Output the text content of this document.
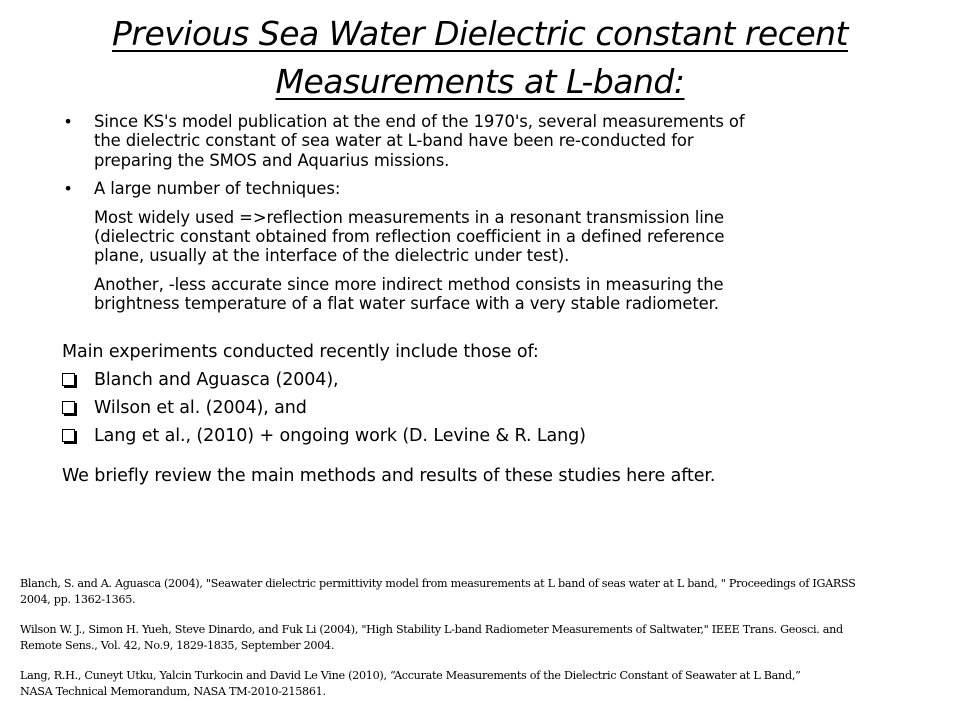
Previous Sea Water Dielectric constant recent
Measurements at L-band:
• Since KS's model publication at the end of the 1970's, several measurements of
the dielectric constant of sea water at L-band have been re-conducted for
preparing the SMOS and Aquarius missions.
• A large number of techniques:
Most widely used =>reflection measurements in a resonant transmission line
(dielectric constant obtained from reflection coefficient in a defined reference
plane, usually at the interface of the dielectric under test).
Another, -less accurate since more indirect method consists in measuring the
brightness temperature of a flat water surface with a very stable radiometer.

Main experiments conducted recently include those of:

Blanch and Aguasca (2004),
Wilson et al. (2004), and
Lang et al., (2010) + ongoing work (D. Levine & R. Lang)

We briefly review the main methods and results of these studies here after.

Blanch, S. and A. Aguasca (2004), "Seawater dielectric permittivity model from measurements at L band of seas water at L band, " Proceedings of IGARSS
2004, pp. 1362-1365.
Wilson W. J., Simon H. Yueh, Steve Dinardo, and Fuk Li (2004), "High Stability L-band Radiometer Measurements of Saltwater," IEEE Trans. Geosci. and
Remote Sens., Vol. 42, No.9, 1829-1835, September 2004.
Lang, R.H., Cuneyt Utku, Yalcin Turkocin and David Le Vine (2010), “Accurate Measurements of the Dielectric Constant of Seawater at L Band,”
NASA Technical Memorandum, NASA TM-2010-215861.
